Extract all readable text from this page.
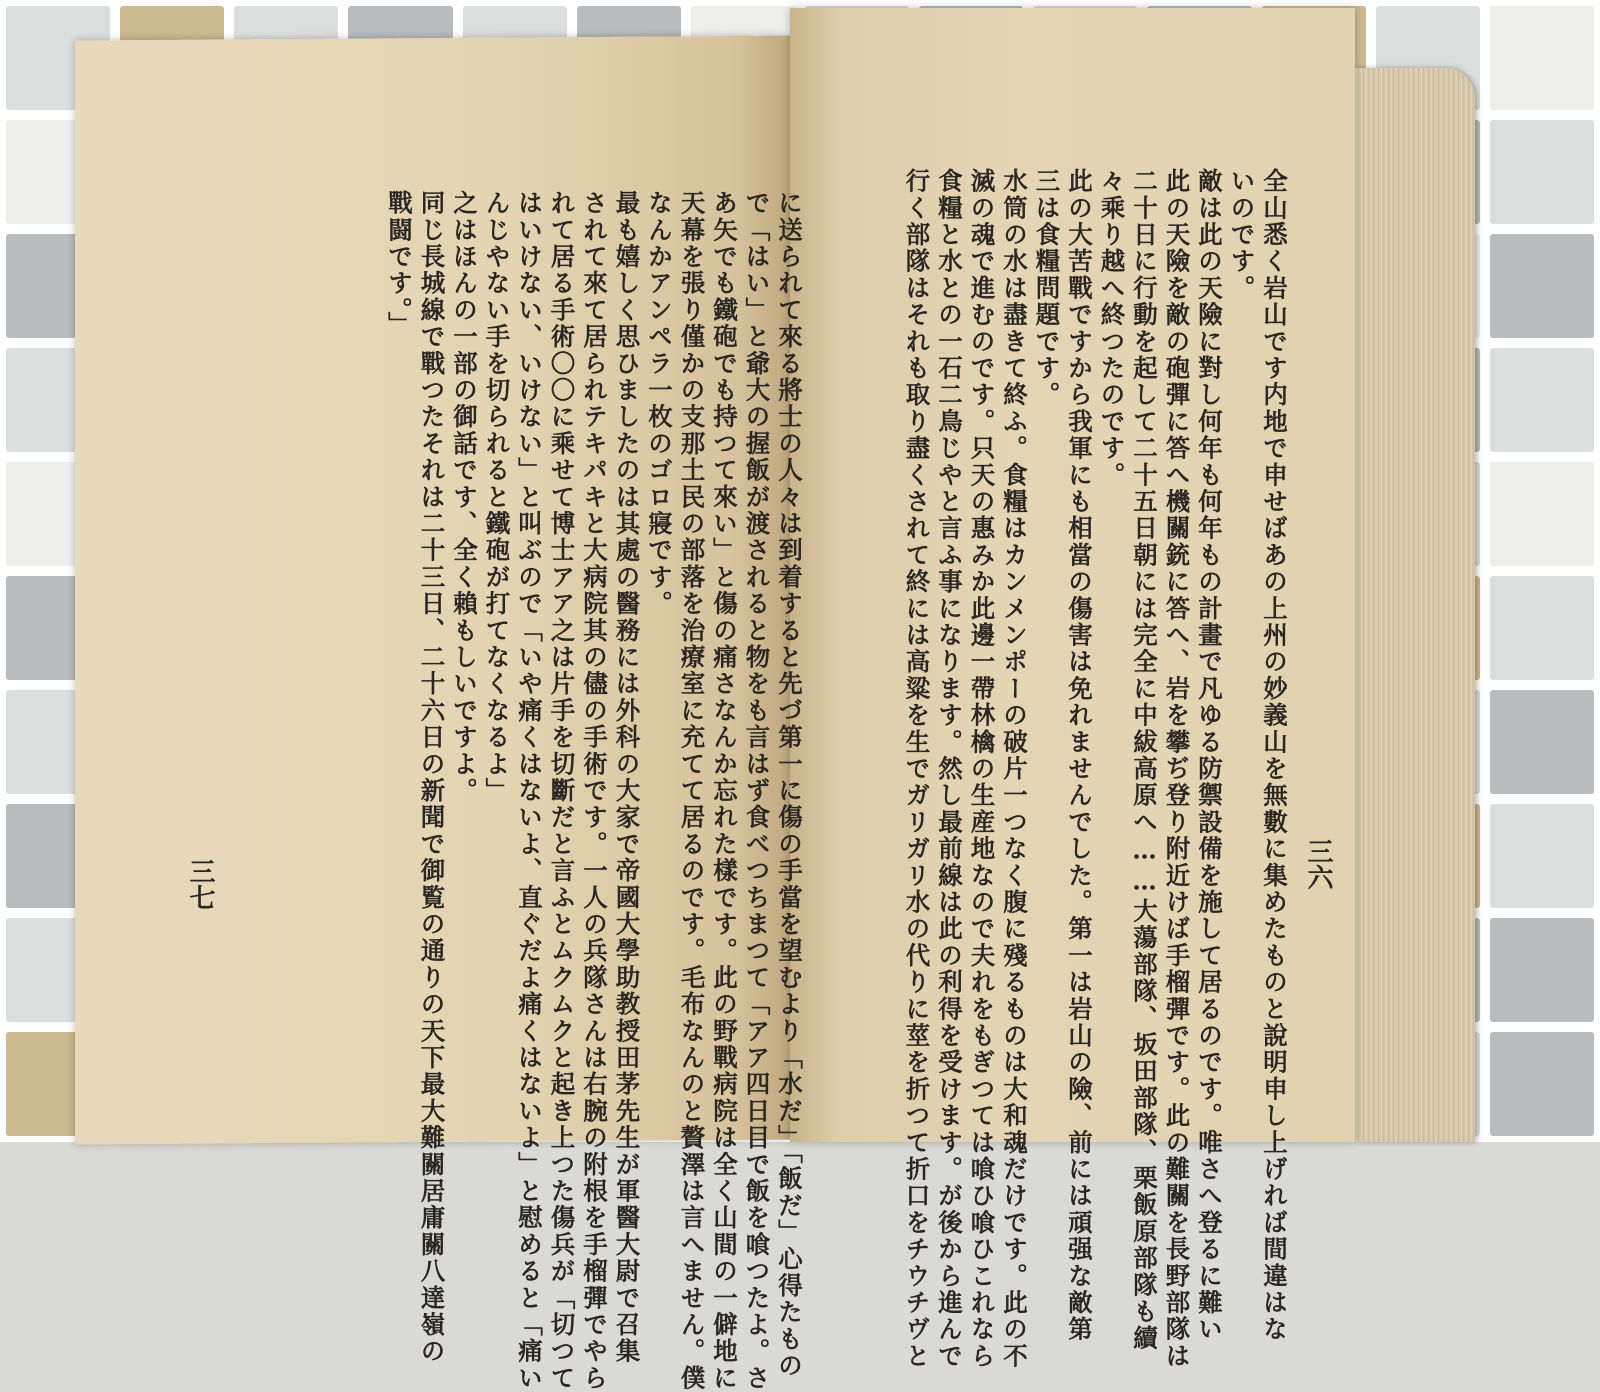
全山悉く岩山です内地で申せばあの上州の妙義山を無數に集めたものと說明申し上げれば間違はな
いのです。
敵は此の天險に對し何年も何年もの計畫で凡ゆる防禦設備を施して居るのです。唯さへ登るに難い
此の天險を敵の砲彈に答へ機關銃に答へ、岩を攀ぢ登り附近けば手榴彈です。此の難關を長野部隊は
二十日に行動を起して二十五日朝には完全に中紱高原へ……大蕩部隊、坂田部隊、栗飯原部隊も續
々乘り越へ終つたのです。
此の大苦戰ですから我軍にも相當の傷害は免れませんでした。第一は岩山の險、前には頑强な敵第
三は食糧問題です。
水筒の水は盡きて終ふ。食糧はカンメンポーの破片一つなく腹に殘るものは大和魂だけです。此の不
滅の魂で進むのです。只天の惠みか此邊一帶林檎の生産地なので夫れをもぎつては喰ひ喰ひこれなら
食糧と水との一石二鳥じやと言ふ事になります。然し最前線は此の利得を受けます。が後から進んで
行く部隊はそれも取り盡くされて終には高粱を生でガリガリ水の代りに莖を折つて折口をチウチヴと
に送られて來る將士の人々は到着すると先づ第一に傷の手當を望むより「水だ」「飯だ」心得たもの
で「はい」と爺大の握飯が渡されると物をも言はず食べつちまつて「アア四日目で飯を喰つたよ。さ
あ矢でも鐵砲でも持つて來い」と傷の痛さなんか忘れた樣です。此の野戰病院は全く山間の一僻地に
天幕を張り僅かの支那土民の部落を治療室に充てて居るのです。毛布なんのと贅澤は言へません。僕
なんかアンペラ一枚のゴロ寢です。
最も嬉しく思ひましたのは其處の醫務には外科の大家で帝國大學助教授田茅先生が軍醫大尉で召集
されて來て居られテキパキと大病院其の儘の手術です。一人の兵隊さんは右腕の附根を手榴彈でやら
れて居る手術〇〇に乘せて博士アア之は片手を切斷だと言ふとムクムクと起き上つた傷兵が「切つて
はいけない、いけない」と叫ぶので「いや痛くはないよ、直ぐだよ痛くはないよ」と慰めると「痛い
んじやない手を切られると鐵砲が打てなくなるよ」
之はほんの一部の御話です、全く賴もしいですよ。
同じ長城線で戰つたそれは二十三日、二十六日の新聞で御覧の通りの天下最大難關居庸關八達嶺の
戰闘です。」
三六
三七
